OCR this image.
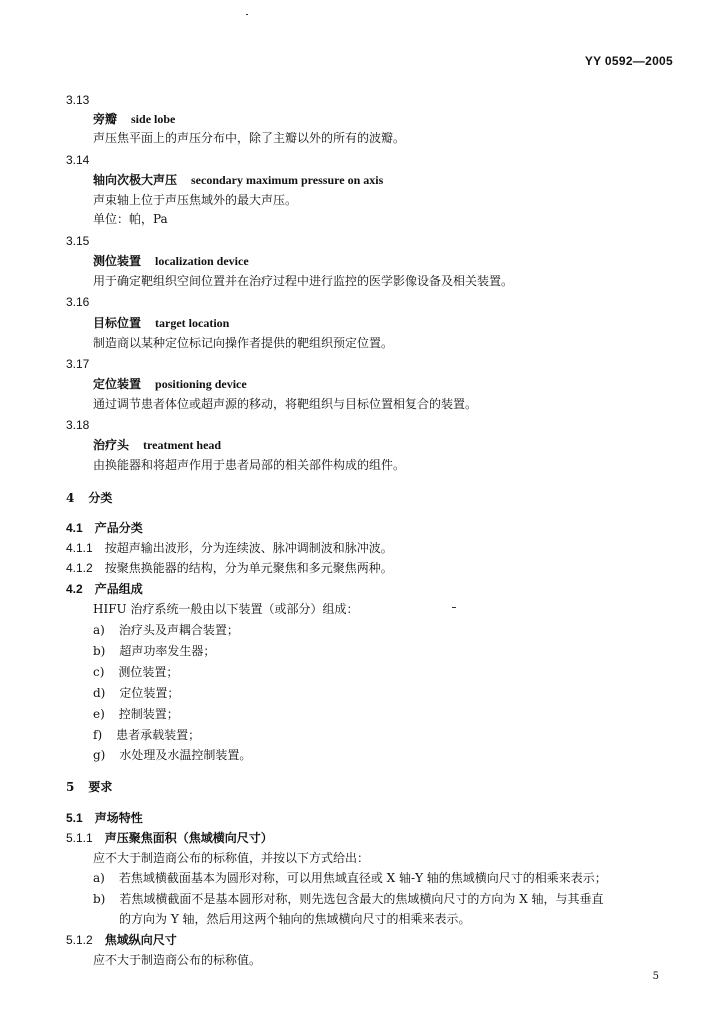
YY 0592—2005
3.13
旁瓣 side lobe
声压焦平面上的声压分布中，除了主瓣以外的所有的波瓣。
3.14
轴向次极大声压 secondary maximum pressure on axis
声束轴上位于声压焦域外的最大声压。
单位：帕，Pa
3.15
测位装置 localization device
用于确定靶组织空间位置并在治疗过程中进行监控的医学影像设备及相关装置。
3.16
目标位置 target location
制造商以某种定位标记向操作者提供的靶组织预定位置。
3.17
定位装置 positioning device
通过调节患者体位或超声源的移动，将靶组织与目标位置相复合的装置。
3.18
治疗头 treatment head
由换能器和将超声作用于患者局部的相关部件构成的组件。
4 分类
4.1 产品分类
4.1.1 按超声输出波形，分为连续波、脉冲调制波和脉冲波。
4.1.2 按聚焦换能器的结构，分为单元聚焦和多元聚焦两种。
4.2 产品组成
HIFU 治疗系统一般由以下装置（或部分）组成：
a) 治疗头及声耦合装置；
b) 超声功率发生器；
c) 测位装置；
d) 定位装置；
e) 控制装置；
f) 患者承载装置；
g) 水处理及水温控制装置。
5 要求
5.1 声场特性
5.1.1 声压聚焦面积（焦域横向尺寸）
应不大于制造商公布的标称值，并按以下方式给出：
a) 若焦域横截面基本为圆形对称，可以用焦域直径或 X 轴-Y 轴的焦域横向尺寸的相乘来表示；
b) 若焦域横截面不是基本圆形对称，则先选包含最大的焦域横向尺寸的方向为 X 轴，与其垂直
的方向为 Y 轴，然后用这两个轴向的焦域横向尺寸的相乘来表示。
5.1.2 焦域纵向尺寸
应不大于制造商公布的标称值。
5
